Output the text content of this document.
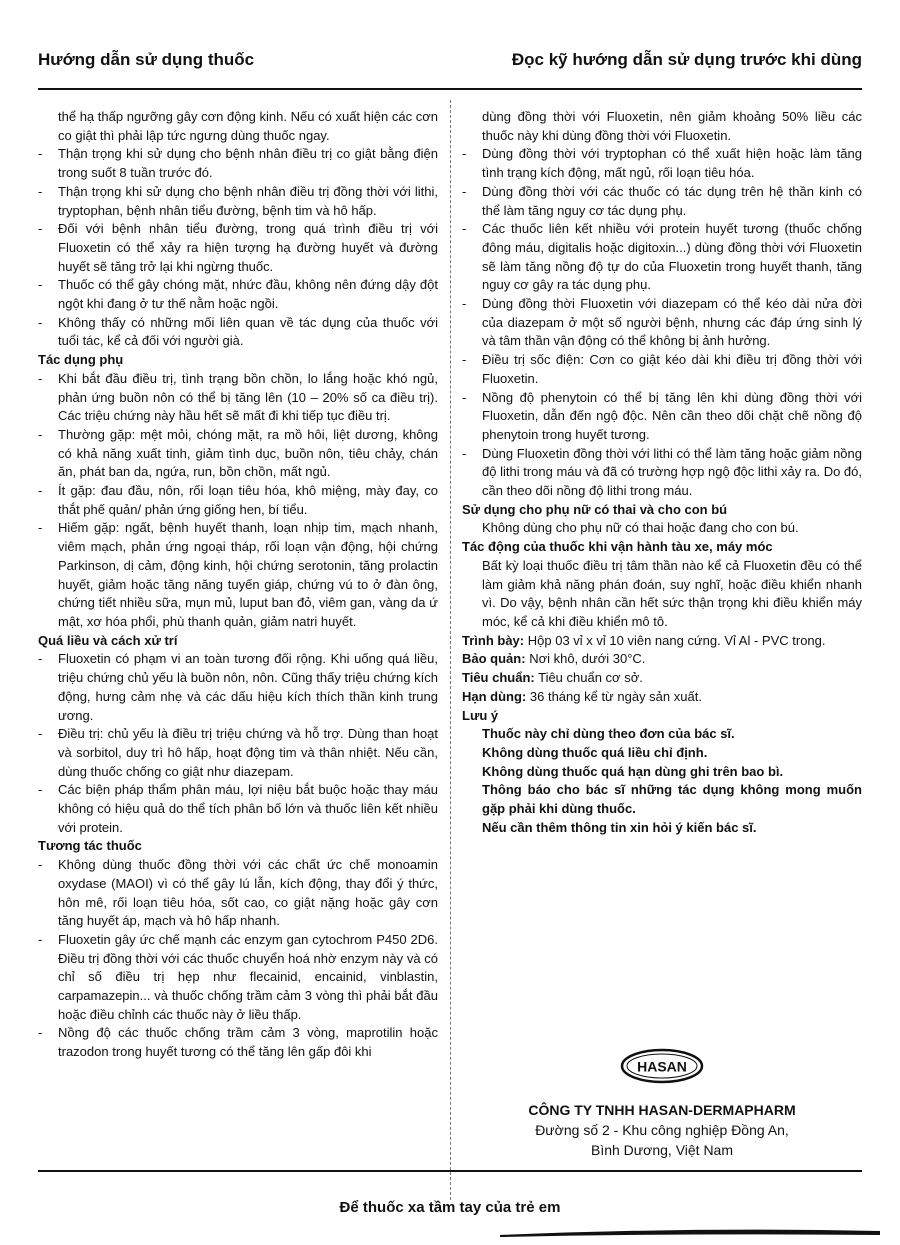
Hướng dẫn sử dụng thuốc	Đọc kỹ hướng dẫn sử dụng trước khi dùng

thể hạ thấp ngưỡng gây cơn động kinh. Nếu có xuất hiện các cơn co giật thì phải lập tức ngưng dùng thuốc ngay.

- Thận trọng khi sử dụng cho bệnh nhân điều trị co giật bằng điện trong suốt 8 tuần trước đó.
- Thận trọng khi sử dụng cho bệnh nhân điều trị đồng thời với lithi, tryptophan, bệnh nhân tiểu đường, bệnh tim và hô hấp.
- Đối với bệnh nhân tiểu đường, trong quá trình điều trị với Fluoxetin có thể xảy ra hiện tượng hạ đường huyết và đường huyết sẽ tăng trở lại khi ngừng thuốc.
- Thuốc có thể gây chóng mặt, nhức đầu, không nên đứng dậy đột ngột khi đang ở tư thế nằm hoặc ngồi.
- Không thấy có những mối liên quan về tác dụng của thuốc với tuổi tác, kể cả đối với người già.
Tác dụng phụ
- Khi bắt đầu điều trị, tình trạng bồn chồn, lo lắng hoặc khó ngủ, phản ứng buồn nôn có thể bị tăng lên (10 – 20% số ca điều trị). Các triệu chứng này hầu hết sẽ mất đi khi tiếp tục điều trị.
- Thường gặp: mệt mỏi, chóng mặt, ra mồ hôi, liệt dương, không có khả năng xuất tinh, giảm tình dục, buồn nôn, tiêu chảy, chán ăn, phát ban da, ngứa, run, bồn chồn, mất ngủ.
- Ít gặp: đau đầu, nôn, rối loạn tiêu hóa, khô miệng, mày đay, co thắt phế quản/ phản ứng giống hen, bí tiểu.
- Hiếm gặp: ngất, bệnh huyết thanh, loạn nhịp tim, mạch nhanh, viêm mạch, phản ứng ngoại tháp, rối loạn vận động, hội chứng Parkinson, dị cảm, động kinh, hội chứng serotonin, tăng prolactin huyết, giảm hoặc tăng năng tuyến giáp, chứng vú to ở đàn ông, chứng tiết nhiều sữa, mụn mủ, luput ban đỏ, viêm gan, vàng da ứ mật, xơ hóa phổi, phù thanh quản, giảm natri huyết.
Quá liều và cách xử trí
- Fluoxetin có phạm vi an toàn tương đối rộng. Khi uống quá liều, triệu chứng chủ yếu là buồn nôn, nôn. Cũng thấy triệu chứng kích động, hưng cảm nhẹ và các dấu hiệu kích thích thần kinh trung ương.
- Điều trị: chủ yếu là điều trị triệu chứng và hỗ trợ. Dùng than hoạt và sorbitol, duy trì hô hấp, hoạt động tim và thân nhiệt. Nếu cần, dùng thuốc chống co giật như diazepam.
- Các biện pháp thẩm phân máu, lợi niệu bắt buộc hoặc thay máu không có hiệu quả do thể tích phân bố lớn và thuốc liên kết nhiều với protein.
Tương tác thuốc
- Không dùng thuốc đồng thời với các chất ức chế monoamin oxydase (MAOI) vì có thể gây lú lẫn, kích động, thay đổi ý thức, hôn mê, rối loạn tiêu hóa, sốt cao, co giật nặng hoặc gây cơn tăng huyết áp, mạch và hô hấp nhanh.
- Fluoxetin gây ức chế mạnh các enzym gan cytochrom P450 2D6. Điều trị đồng thời với các thuốc chuyển hoá nhờ enzym này và có chỉ số điều trị hẹp như flecainid, encainid, vinblastin, carpamazepin... và thuốc chống trầm cảm 3 vòng thì phải bắt đầu hoặc điều chỉnh các thuốc này ở liều thấp.
- Nồng độ các thuốc chống trầm cảm 3 vòng, maprotilin hoặc trazodon trong huyết tương có thể tăng lên gấp đôi khi

dùng đồng thời với Fluoxetin, nên giảm khoảng 50% liều các thuốc này khi dùng đồng thời với Fluoxetin.

- Dùng đồng thời với tryptophan có thể xuất hiện hoặc làm tăng tình trạng kích động, mất ngủ, rối loạn tiêu hóa.
- Dùng đồng thời với các thuốc có tác dụng trên hệ thần kinh có thể làm tăng nguy cơ tác dụng phụ.
- Các thuốc liên kết nhiều với protein huyết tương (thuốc chống đông máu, digitalis hoặc digitoxin...) dùng đồng thời với Fluoxetin sẽ làm tăng nồng độ tự do của Fluoxetin trong huyết thanh, tăng nguy cơ gây ra tác dụng phụ.
- Dùng đồng thời Fluoxetin với diazepam có thể kéo dài nửa đời của diazepam ở một số người bệnh, nhưng các đáp ứng sinh lý và tâm thần vận động có thể không bị ảnh hưởng.
- Điều trị sốc điện: Cơn co giật kéo dài khi điều trị đồng thời với Fluoxetin.
- Nồng độ phenytoin có thể bị tăng lên khi dùng đồng thời với Fluoxetin, dẫn đến ngộ độc. Nên cần theo dõi chặt chẽ nồng độ phenytoin trong huyết tương.
- Dùng Fluoxetin đồng thời với lithi có thể làm tăng hoặc giảm nồng độ lithi trong máu và đã có trường hợp ngộ độc lithi xảy ra. Do đó, cần theo dõi nồng độ lithi trong máu.
Sử dụng cho phụ nữ có thai và cho con bú

Không dùng cho phụ nữ có thai hoặc đang cho con bú.

Tác động của thuốc khi vận hành tàu xe, máy móc

Bất kỳ loại thuốc điều trị tâm thần nào kể cả Fluoxetin đều có thể làm giảm khả năng phán đoán, suy nghĩ, hoặc điều khiển nhanh vì. Do vậy, bệnh nhân cần hết sức thận trọng khi điều khiển máy móc, kể cả khi điều khiển mô tô.

Trình bày: Hộp 03 vỉ x vỉ 10 viên nang cứng. Vỉ Al - PVC trong.

Bảo quản: Nơi khô, dưới 30°C.

Tiêu chuẩn: Tiêu chuẩn cơ sở.

Hạn dùng: 36 tháng kể từ ngày sản xuất.

Lưu ý

Thuốc này chỉ dùng theo đơn của bác sĩ.

Không dùng thuốc quá liều chỉ định.

Không dùng thuốc quá hạn dùng ghi trên bao bì.

Thông báo cho bác sĩ những tác dụng không mong muốn gặp phải khi dùng thuốc.

Nếu cần thêm thông tin xin hỏi ý kiến bác sĩ.

HASAN
CÔNG TY TNHH HASAN-DERMAPHARM
Đường số 2 - Khu công nghiệp Đồng An,
Bình Dương, Việt Nam
Để thuốc xa tầm tay của trẻ em
